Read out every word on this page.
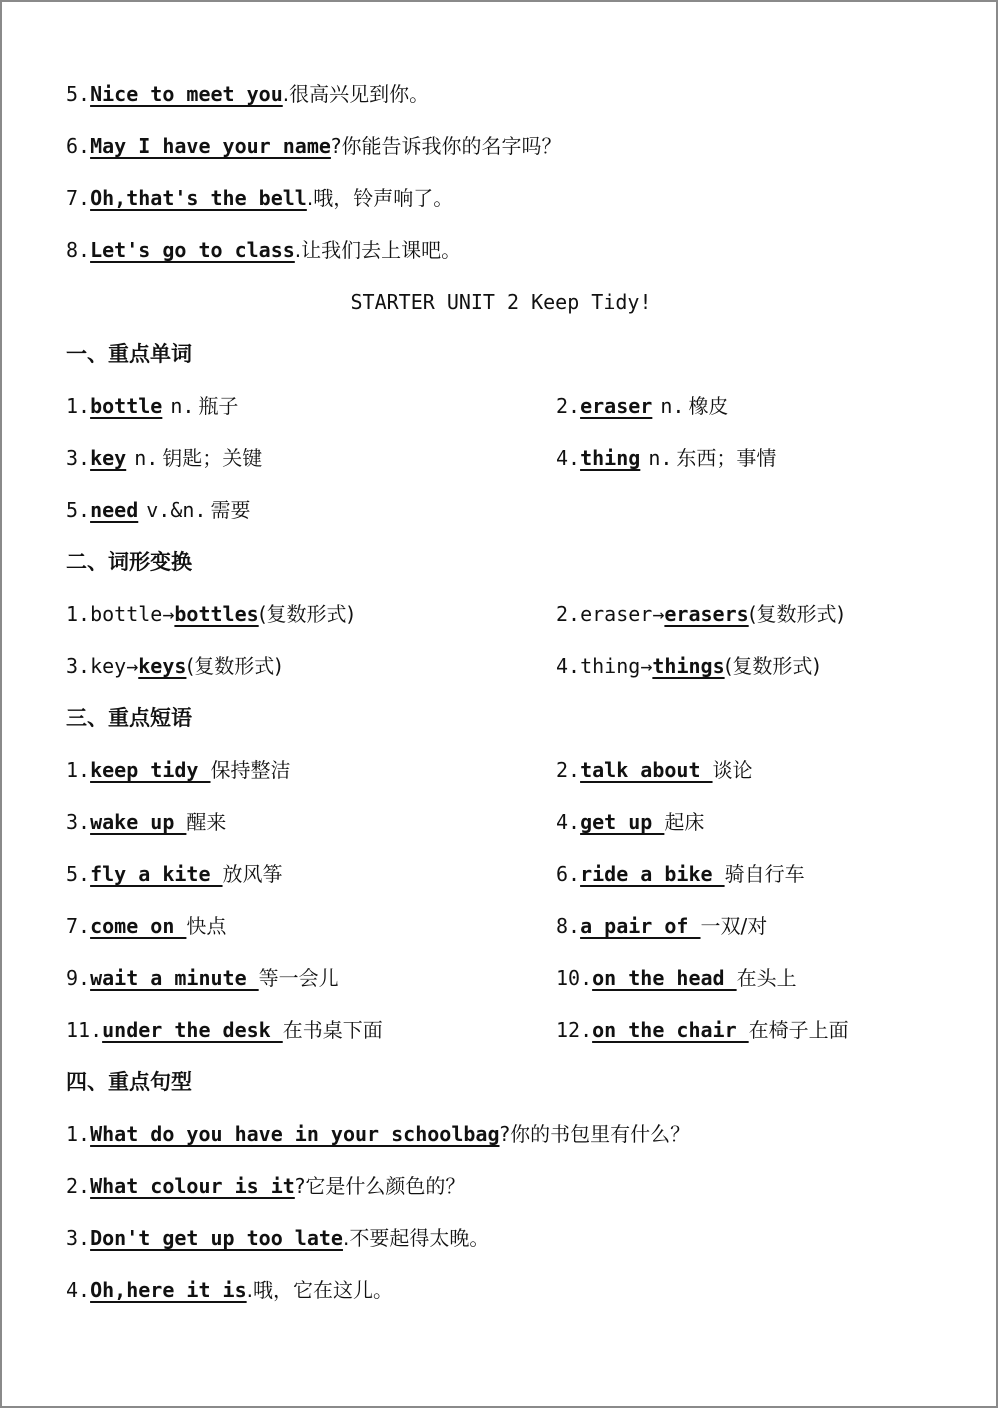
5.Nice to meet you.很高兴见到你。
6.May I have your name?你能告诉我你的名字吗？
7.Oh,that's the bell.哦，铃声响了。
8.Let's go to class.让我们去上课吧。
STARTER UNIT 2 Keep Tidy!
一、重点单词
1.bottle n. 瓶子	2.eraser n. 橡皮
3.key n. 钥匙；关键	4.thing n. 东西；事情
5.need v.&n. 需要
二、词形变换
1.bottle→bottles(复数形式)	2.eraser→erasers(复数形式)
3.key→keys(复数形式)	4.thing→things(复数形式)
三、重点短语
1.keep tidy 保持整洁	2.talk about 谈论
3.wake up 醒来	4.get up 起床
5.fly a kite 放风筝	6.ride a bike 骑自行车
7.come on 快点	8.a pair of 一双/对
9.wait a minute 等一会儿	10.on the head 在头上
11.under the desk 在书桌下面	12.on the chair 在椅子上面
四、重点句型
1.What do you have in your schoolbag?你的书包里有什么？
2.What colour is it?它是什么颜色的？
3.Don't get up too late.不要起得太晚。
4.Oh,here it is.哦，它在这儿。
